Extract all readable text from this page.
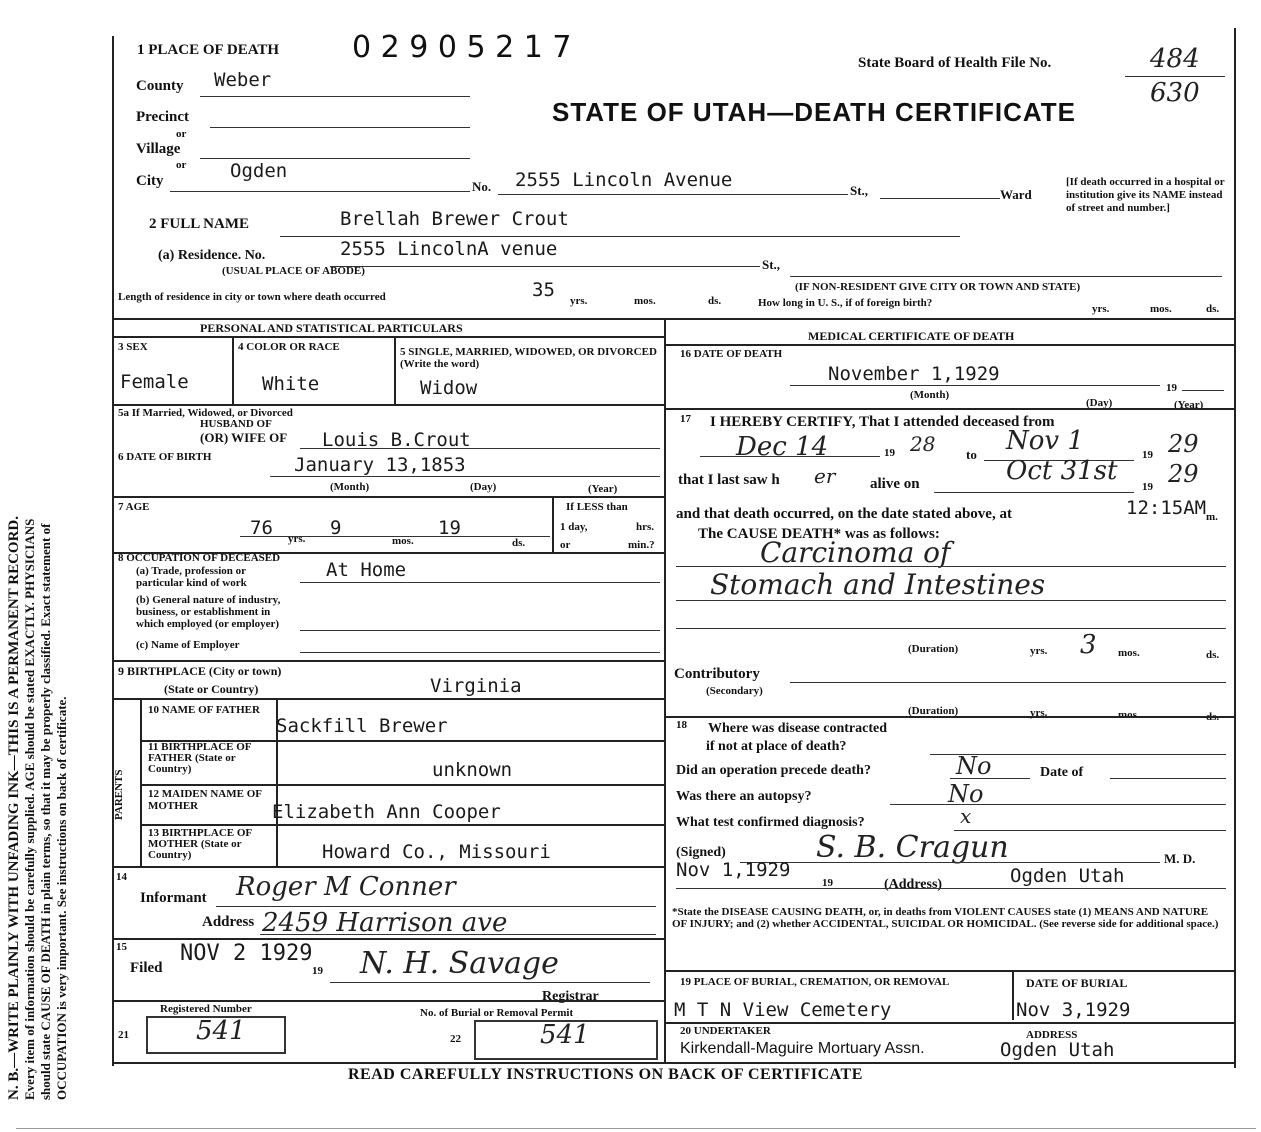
N. B.—WRITE PLAINLY WITH UNFADING INK—THIS IS A PERMANENT RECORD. Every item of information should be carefully supplied. AGE should be stated EXACTLY. PHYSICIANS should state CAUSE OF DEATH in plain terms, so that it may be properly classified. Exact statement of OCCUPATION is very important. See instructions on back of certificate.
1 PLACE OF DEATH 0 2 9 0 5 2 1 7	State Board of Health File No.	484
630
STATE OF UTAH—DEATH CERTIFICATE
County Weber
Precinct
or
Village
or
City	Ogden
No. 2555 Lincoln Avenue	St.,	Ward
[If death occurred in a hospital or institution give its NAME instead of street and number.]
2 FULL NAME	Brellah Brewer Crout
(a) Residence. No.	2555 LincolnA venue
St.,
(USUAL PLACE OF ABODE)
(IF NON-RESIDENT GIVE CITY OR TOWN AND STATE)
Length of residence in city or town where death occurred	35 yrs.	mos.	ds.	How long in U. S., if of foreign birth?	yrs.	mos.	ds.
PERSONAL AND STATISTICAL PARTICULARS
3 SEX	4 COLOR OR RACE	5 SINGLE, MARRIED, WIDOWED, OR DIVORCED (Write the word)
Female	White	Widow
5a If Married, Widowed, or Divorced
HUSBAND OF
(OR) WIFE OF Louis B.Crout
6 DATE OF BIRTH	January 13,1853
(Month)	(Day)	(Year)
7 AGE
76 yrs. 9
mos.
19
ds.
If LESS than
1 day,	hrs.
or	min.?
8 OCCUPATION OF DECEASED
(a) Trade, profession or
particular kind of work
At Home
(b) General nature of industry,
business, or establishment in
which employed (or employer)
(c) Name of Employer
9 BIRTHPLACE (City or town)
(State or Country)	Virginia
PARENTS
10 NAME OF FATHER
Sackfill Brewer
11 BIRTHPLACE OF FATHER (State or Country)	unknown
12 MAIDEN NAME OF MOTHER	Elizabeth Ann Cooper
13 BIRTHPLACE OF MOTHER (State or Country)	Howard Co., Missouri
14
Informant Roger M Conner
Address 2459 Harrison ave
15
Filed
NOV 2 1929
19 N. H. Savage
Registrar
Registered Number	No. of Burial or Removal Permit
21	541	22	541
MEDICAL CERTIFICATE OF DEATH
16 DATE OF DEATH
November 1,1929
19
(Month)
(Day)	(Year)
17 I HEREBY CERTIFY, That I attended deceased from
Dec 14	19 28 to Nov 1	19 29
that I last saw h er alive on	Oct 31st
19 29
and that death occurred, on the date stated above, at	12:15AM m.
The CAUSE DEATH* was as follows:
Carcinoma of
Stomach and Intestines
(Duration)	yrs. 3 mos.	ds.
Contributory
(Secondary)
(Duration)	yrs.	mos.	ds.
18 Where was disease contracted
if not at place of death?
Did an operation precede death?	No	Date of
Was there an autopsy?	No
What test confirmed diagnosis?	x
(Signed)	S. B. Cragun	M. D.
Nov 1,1929
19	(Address)	Ogden Utah
*State the DISEASE CAUSING DEATH, or, in deaths from VIOLENT CAUSES state (1) MEANS AND NATURE OF INJURY; and (2) whether ACCIDENTAL, SUICIDAL OR HOMICIDAL. (See reverse side for additional space.)
19 PLACE OF BURIAL, CREMATION, OR REMOVAL
M T N View Cemetery
DATE OF BURIAL
Nov 3,1929
20 UNDERTAKER
Kirkendall-Maguire Mortuary Assn.
ADDRESS
Ogden Utah
READ CAREFULLY INSTRUCTIONS ON BACK OF CERTIFICATE
